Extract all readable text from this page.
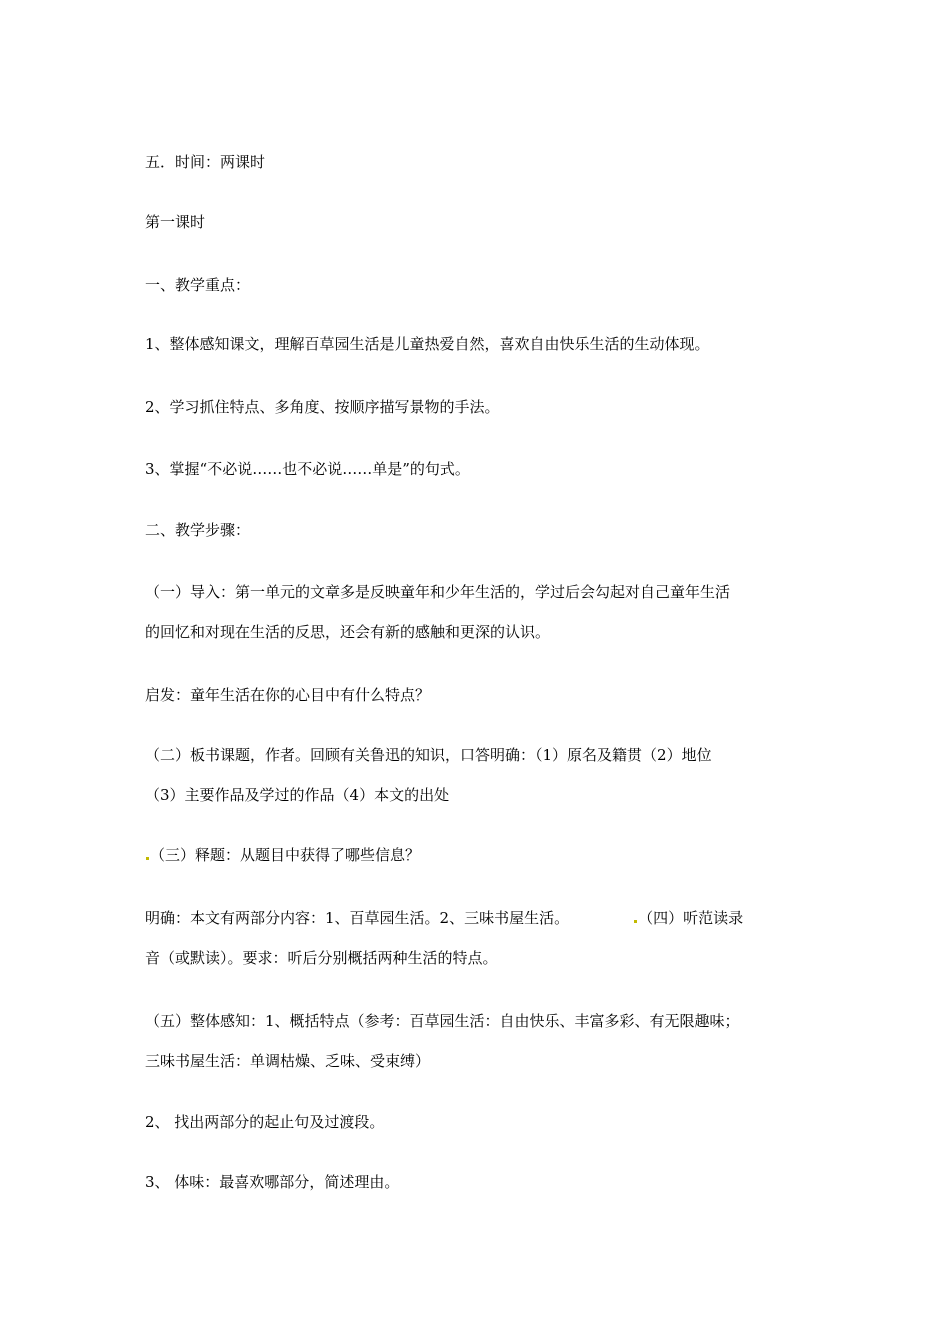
五．时间：两课时
第一课时
一、教学重点：
1、整体感知课文，理解百草园生活是儿童热爱自然，喜欢自由快乐生活的生动体现。
2、学习抓住特点、多角度、按顺序描写景物的手法。
3、掌握“不必说……也不必说……单是”的句式。
二、教学步骤：
（一）导入：第一单元的文章多是反映童年和少年生活的，学过后会勾起对自己童年生活
的回忆和对现在生活的反思，还会有新的感触和更深的认识。
启发：童年生活在你的心目中有什么特点？
（二）板书课题，作者。回顾有关鲁迅的知识，口答明确：（1）原名及籍贯（2）地位
（3）主要作品及学过的作品（4）本文的出处
（三）释题：从题目中获得了哪些信息？
明确：本文有两部分内容：1、百草园生活。2、三味书屋生活。	（四）听范读录
音（或默读）。要求：听后分别概括两种生活的特点。
（五）整体感知：1、概括特点（参考：百草园生活：自由快乐、丰富多彩、有无限趣味；
三味书屋生活：单调枯燥、乏味、受束缚）
2、 找出两部分的起止句及过渡段。
3、 体味：最喜欢哪部分，简述理由。
